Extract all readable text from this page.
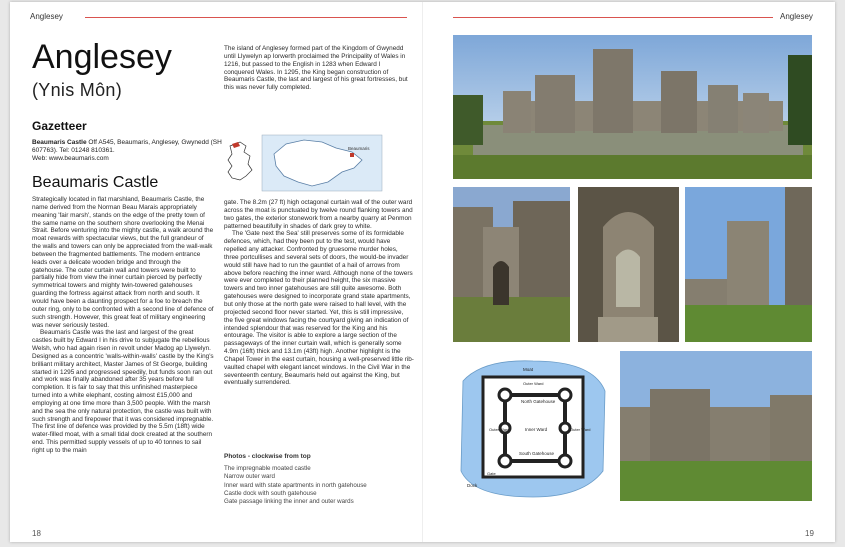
Anglesey	Anglesey
Anglesey
(Ynis Môn)
Gazetteer
Beaumaris Castle Off A545, Beaumaris, Anglesey, Gwynedd (SH 607763). Tel: 01248 810361.
Web: www.beaumaris.com
Beaumaris Castle

Strategically located in flat marshland, Beaumaris Castle, the name derived from the Norman Beau Marais appropriately meaning 'fair marsh', stands on the edge of the pretty town of the same name on the southern shore overlooking the Menai Strait. Before venturing into the mighty castle, a walk around the moat rewards with spectacular views, but the full grandeur of the walls and towers can only be appreciated from the wall-walk between the fragmented battlements. The modern entrance leads over a delicate wooden bridge and through the gatehouse. The outer curtain wall and towers were built to partially hide from view the inner curtain pierced by perfectly symmetrical towers and mighty twin-towered gatehouses guarding the fortress against attack from north and south. It would have been a daunting prospect for a foe to breach the outer ring, only to be confronted with a second line of defence of such strength. However, this great feat of military engineering was never seriously tested.

Beaumaris Castle was the last and largest of the great castles built by Edward I in his drive to subjugate the rebellious Welsh, who had again risen in revolt under Madog ap Llywelyn. Designed as a concentric 'walls-within-walls' castle by the King's brilliant military architect, Master James of St George, building started in 1295 and progressed speedily, but funds soon ran out and work was finally abandoned after 35 years before full completion. It is fair to say that this unfinished masterpiece turned into a white elephant, costing almost £15,000 and employing at one time more than 3,500 people. With the marsh and the sea the only natural protection, the castle was built with such strength and firepower that it was considered impregnable. The first line of defence was provided by the 5.5m (18ft) wide water-filled moat, with a small tidal dock created at the southern end. This permitted supply vessels of up to 40 tonnes to sail right up to the main

The island of Anglesey formed part of the Kingdom of Gwynedd until Llywelyn ap Iorwerth proclaimed the Principality of Wales in 1216, but passed to the English in 1283 when Edward I conquered Wales. In 1295, the King began construction of Beaumaris Castle, the last and largest of his great fortresses, but this was never fully completed.

Beaumaris

gate. The 8.2m (27 ft) high octagonal curtain wall of the outer ward across the moat is punctuated by twelve round flanking towers and two gates, the exterior stonework from a nearby quarry at Penmon patterned beautifully in shades of dark grey to white.

The 'Gate next the Sea' still preserves some of its formidable defences, which, had they been put to the test, would have repelled any attacker. Confronted by gruesome murder holes, three portcullises and several sets of doors, the would-be invader would still have had to run the gauntlet of a hail of arrows from above before reaching the inner ward. Although none of the towers were ever completed to their planned height, the six massive towers and two inner gatehouses are still quite awesome. Both gatehouses were designed to incorporate grand state apartments, but only those at the north gate were raised to hall level, with the projected second floor never started. Yet, this is still impressive, the five great windows facing the courtyard giving an indication of intended splendour that was reserved for the King and his entourage. The visitor is able to explore a large section of the passageways of the inner curtain wall, which is generally some 4.9m (16ft) thick and 13.1m (43ft) high. Another highlight is the Chapel Tower in the east curtain, housing a well-preserved little rib-vaulted chapel with elegant lancet windows. In the Civil War in the seventeenth century, Beaumaris held out against the King, but eventually surrendered.

Photos - clockwise from top
The impregnable moated castle
Narrow outer ward
Inner ward with state apartments in north gatehouse
Castle dock with south gatehouse
Gate passage linking the inner and outer wards
18	19
North Gatehouse
Inner Ward
South Gatehouse
Outer Ward	Outer Ward
Outer Ward
Moat
Dock
Gate
